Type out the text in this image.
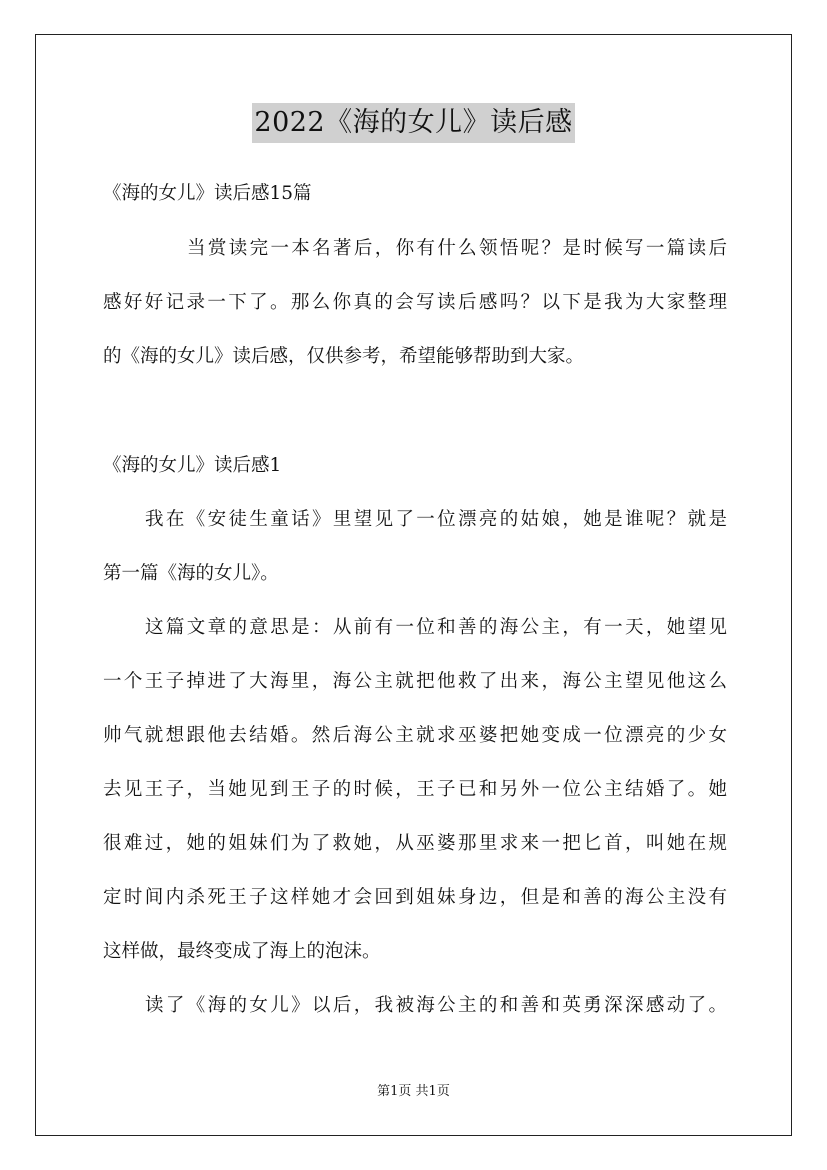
2022《海的女儿》读后感
《海的女儿》读后感15篇
当赏读完一本名著后，你有什么领悟呢？是时候写一篇读后
感好好记录一下了。那么你真的会写读后感吗？以下是我为大家整理
的《海的女儿》读后感，仅供参考，希望能够帮助到大家。
《海的女儿》读后感1
我在《安徒生童话》里望见了一位漂亮的姑娘，她是谁呢？就是
第一篇《海的女儿》。
这篇文章的意思是：从前有一位和善的海公主，有一天，她望见
一个王子掉进了大海里，海公主就把他救了出来，海公主望见他这么
帅气就想跟他去结婚。然后海公主就求巫婆把她变成一位漂亮的少女
去见王子，当她见到王子的时候，王子已和另外一位公主结婚了。她
很难过，她的姐妹们为了救她，从巫婆那里求来一把匕首，叫她在规
定时间内杀死王子这样她才会回到姐妹身边，但是和善的海公主没有
这样做，最终变成了海上的泡沫。
读了《海的女儿》以后，我被海公主的和善和英勇深深感动了。
第1页 共1页
